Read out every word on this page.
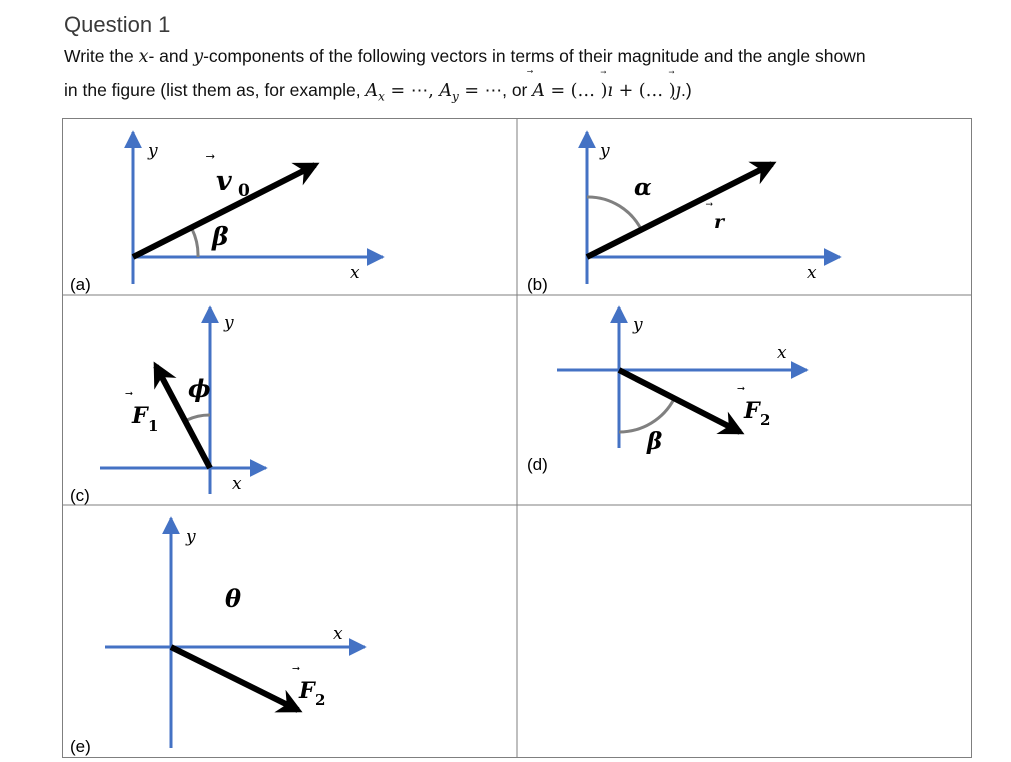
Question 1
Write the x- and y-components of the following vectors in terms of their magnitude and the angle shown
in the figure (list them as, for example, $A_x$ = ⋯, $A_y$ = ⋯, or
A = (… )
ı + (… )
ȷ.)
y
x
v 0
β
(a)
y
x
α
r
(b)
y
x
ϕ
F 1
(c)
y
x
β
F 2
(d)
y
x
θ
F 2
(e)
